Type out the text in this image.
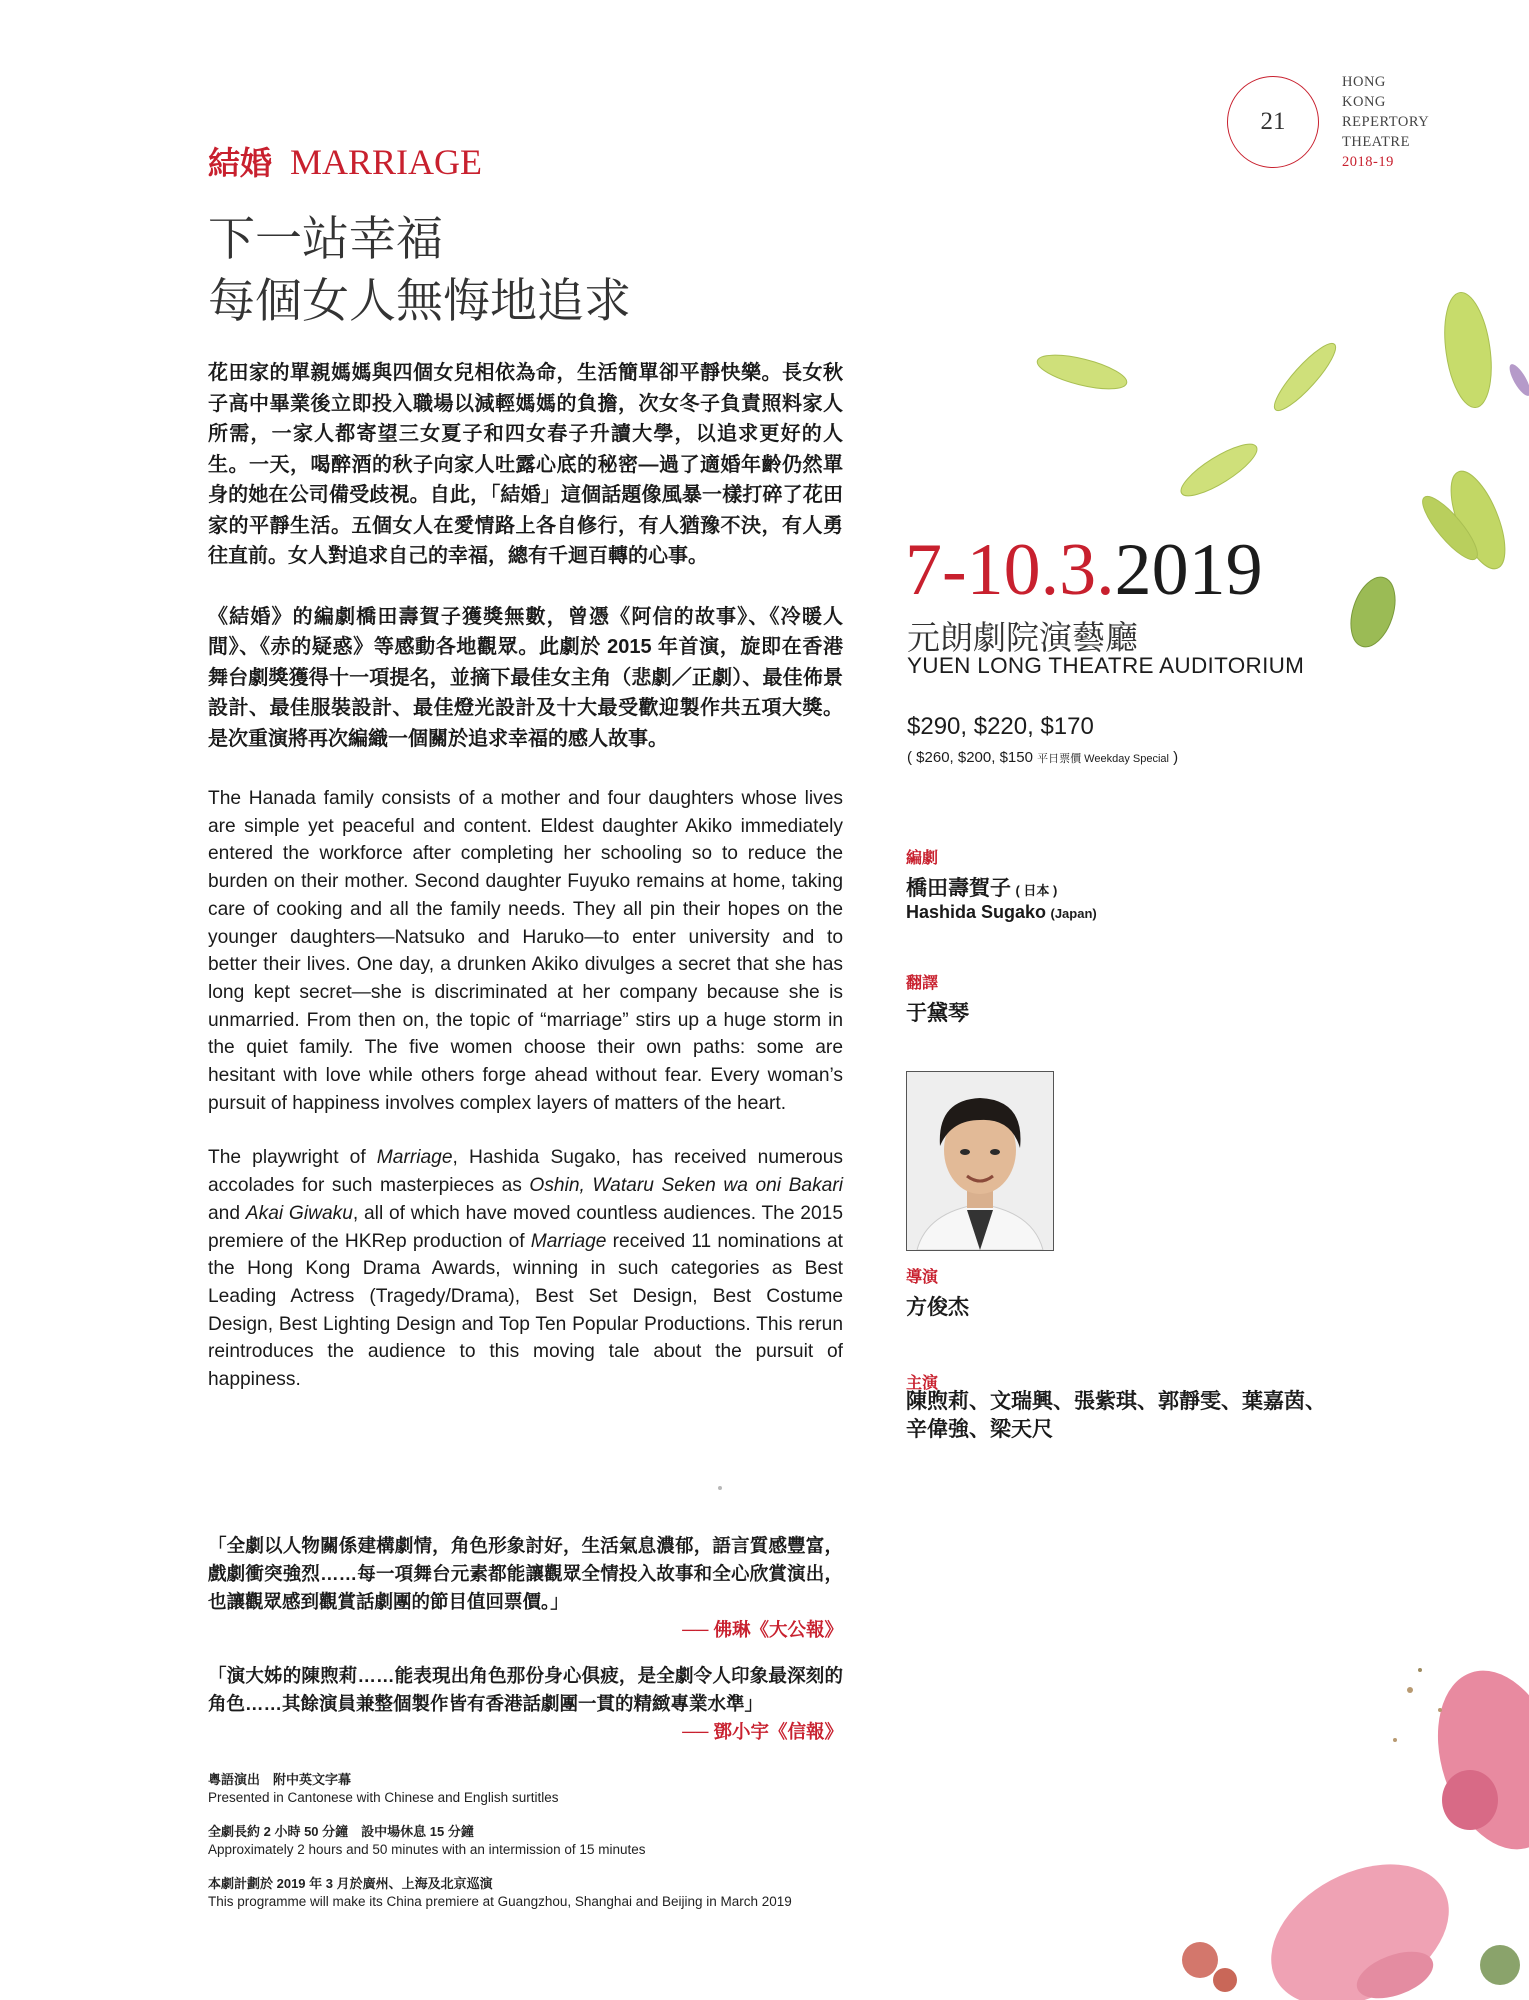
21
HONG
KONG
REPERTORY
THEATRE
2018-19
結婚 MARRIAGE
下一站幸福
每個女人無悔地追求

花田家的單親媽媽與四個女兒相依為命，生活簡單卻平靜快樂。長女秋子高中畢業後立即投入職場以減輕媽媽的負擔，次女冬子負責照料家人所需，一家人都寄望三女夏子和四女春子升讀大學，以追求更好的人生。一天，喝醉酒的秋子向家人吐露心底的秘密—過了適婚年齡仍然單身的她在公司備受歧視。自此，「結婚」這個話題像風暴一樣打碎了花田家的平靜生活。五個女人在愛情路上各自修行，有人猶豫不決，有人勇往直前。女人對追求自己的幸福，總有千迴百轉的心事。

《結婚》的編劇橋田壽賀子獲獎無數，曾憑《阿信的故事》、《冷暖人間》、《赤的疑惑》等感動各地觀眾。此劇於 2015 年首演，旋即在香港舞台劇獎獲得十一項提名，並摘下最佳女主角（悲劇／正劇）、最佳佈景設計、最佳服裝設計、最佳燈光設計及十大最受歡迎製作共五項大獎。是次重演將再次編織一個關於追求幸福的感人故事。

The Hanada family consists of a mother and four daughters whose lives are simple yet peaceful and content. Eldest daughter Akiko immediately entered the workforce after completing her schooling so to reduce the burden on their mother. Second daughter Fuyuko remains at home, taking care of cooking and all the family needs. They all pin their hopes on the younger daughters—Natsuko and Haruko—to enter university and to better their lives. One day, a drunken Akiko divulges a secret that she has long kept secret—she is discriminated at her company because she is unmarried. From then on, the topic of “marriage” stirs up a huge storm in the quiet family. The five women choose their own paths: some are hesitant with love while others forge ahead without fear. Every woman’s pursuit of happiness involves complex layers of matters of the heart.

The playwright of Marriage, Hashida Sugako, has received numerous accolades for such masterpieces as Oshin, Wataru Seken wa oni Bakari and Akai Giwaku, all of which have moved countless audiences. The 2015 premiere of the HKRep production of Marriage received 11 nominations at the Hong Kong Drama Awards, winning in such categories as Best Leading Actress (Tragedy/Drama), Best Set Design, Best Costume Design, Best Lighting Design and Top Ten Popular Productions. This rerun reintroduces the audience to this moving tale about the pursuit of happiness.

「全劇以人物關係建構劇情，角色形象討好，生活氣息濃郁，語言質感豐富，戲劇衝突強烈……每一項舞台元素都能讓觀眾全情投入故事和全心欣賞演出，也讓觀眾感到觀賞話劇團的節目值回票價。」

── 佛琳《大公報》

「演大姊的陳煦莉……能表現出角色那份身心俱疲，是全劇令人印象最深刻的角色……其餘演員兼整個製作皆有香港話劇團一貫的精緻專業水準」

── 鄧小宇《信報》

粵語演出　附中英文字幕
Presented in Cantonese with Chinese and English surtitles
全劇長約 2 小時 50 分鐘　設中場休息 15 分鐘
Approximately 2 hours and 50 minutes with an intermission of 15 minutes
本劇計劃於 2019 年 3 月於廣州、上海及北京巡演
This programme will make its China premiere at Guangzhou, Shanghai and Beijing in March 2019
7-10.3.2019
元朗劇院演藝廳
YUEN LONG THEATRE AUDITORIUM
$290, $220, $170
( $260, $200, $150 平日票價 Weekday Special )
編劇
橋田壽賀子 ( 日本 )
Hashida Sugako (Japan)
翻譯
于黛琴
導演
方俊杰
主演
陳煦莉、文瑞興、張紫琪、郭靜雯、葉嘉茵、辛偉強、梁天尺
